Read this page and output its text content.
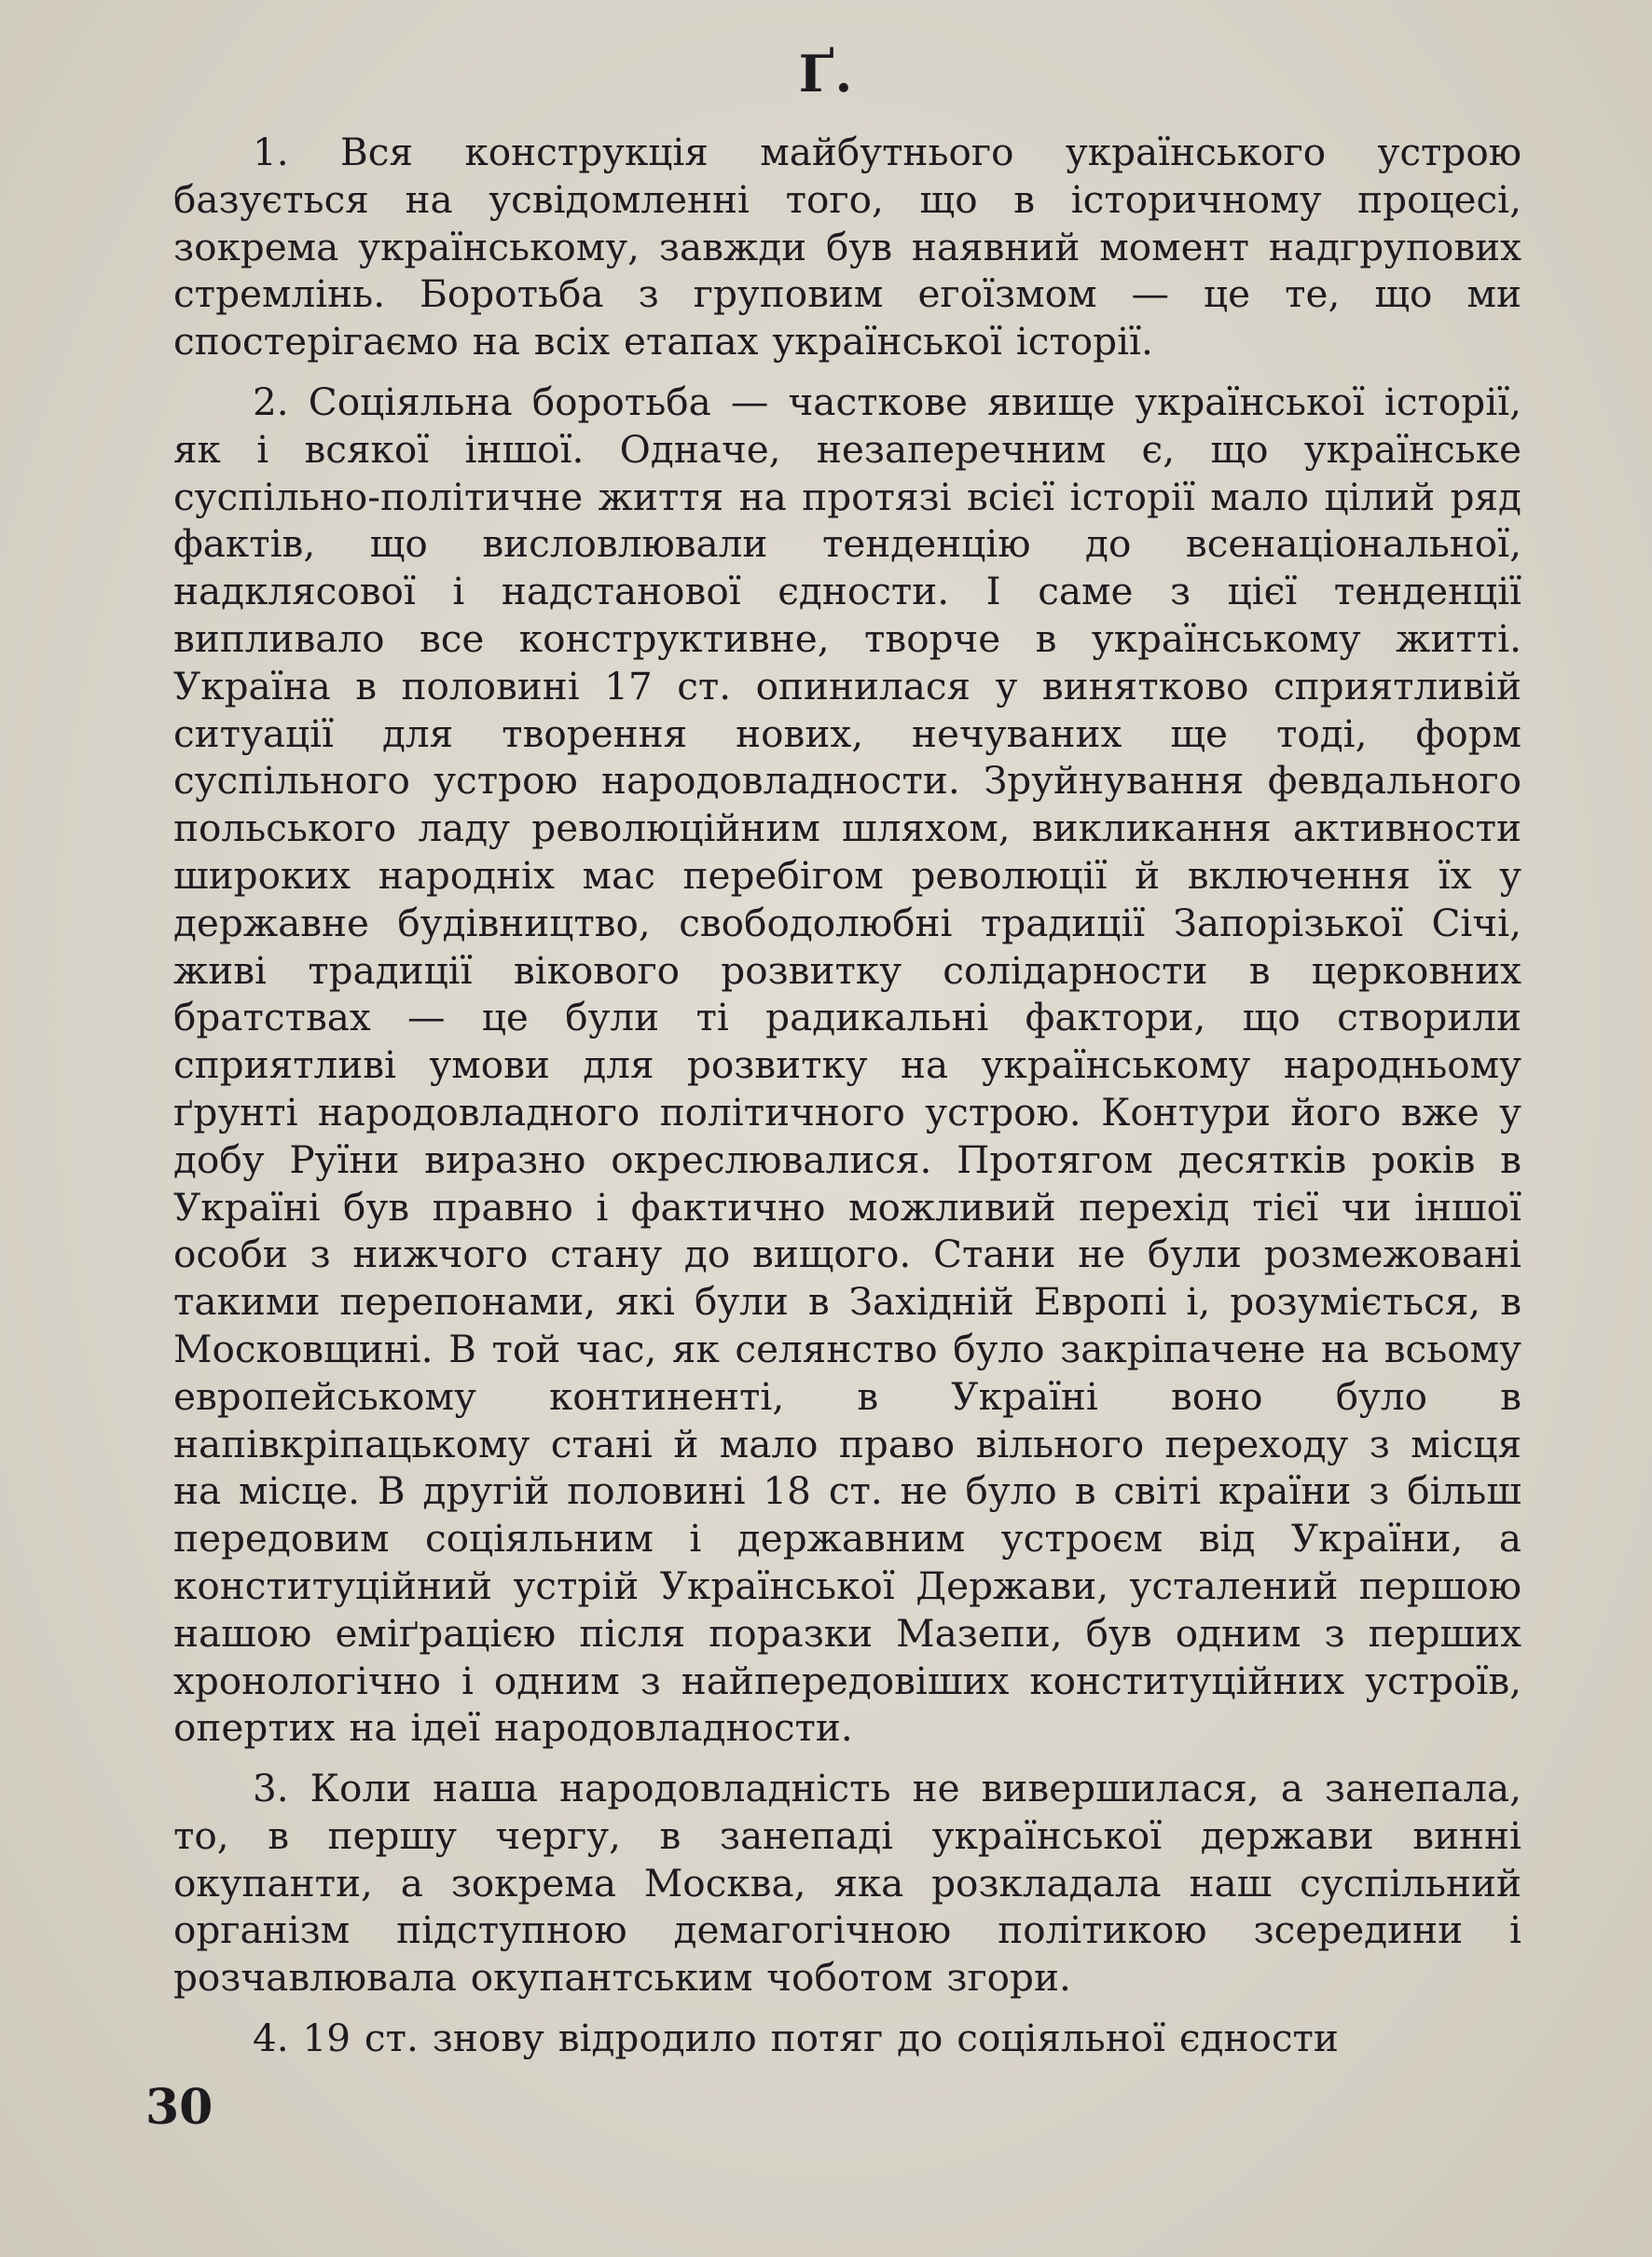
Ґ.

1. Вся конструкція майбутнього українського устрою базується на усвідомленні того, що в історичному процесі, зокрема українському, завжди був наявний момент надгрупових стремлінь. Боротьба з груповим егоїзмом — це те, що ми спостерігаємо на всіх етапах української історії.

2. Соціяльна боротьба — часткове явище української історії, як і всякої іншої. Одначе, незаперечним є, що українське суспільно-політичне життя на протязі всієї історії мало цілий ряд фактів, що висловлювали тенденцію до всенаціональної, надклясової і надстанової єдности. І саме з цієї тенденції випливало все конструктивне, творче в українському житті. Україна в половині 17 ст. опинилася у винятково сприятливій ситуації для творення нових, нечуваних ще тоді, форм суспільного устрою народовладности. Зруйнування февдального польського ладу революційним шляхом, викликання активности широких народніх мас перебігом революції й включення їх у державне будівництво, свободолюбні традиції Запорізької Січі, живі традиції вікового розвитку солідарности в церковних братствах — це були ті радикальні фактори, що створили сприятливі умови для розвитку на українському народньому ґрунті народовладного політичного устрою. Контури його вже у добу Руїни виразно окреслювалися. Протягом десятків років в Україні був правно і фактично можливий перехід тієї чи іншої особи з нижчого стану до вищого. Стани не були розмежовані такими перепонами, які були в Західній Европі і, розуміється, в Московщині. В той час, як селянство було закріпачене на всьому европейському континенті, в Україні воно було в напівкріпацькому стані й мало право вільного переходу з місця на місце. В другій половині 18 ст. не було в світі країни з більш передовим соціяльним і державним устроєм від України, а конституційний устрій Української Держави, усталений першою нашою еміґрацією після поразки Мазепи, був одним з перших хронологічно і одним з найпередовіших конституційних устроїв, опертих на ідеї народовладности.

3. Коли наша народовладність не вивершилася, а занепала, то, в першу чергу, в занепаді української держави винні окупанти, а зокрема Москва, яка розкладала наш суспільний організм підступною демагогічною політикою зсередини і розчавлювала окупантським чоботом згори.

4. 19 ст. знову відродило потяг до соціяльної єдности

30
